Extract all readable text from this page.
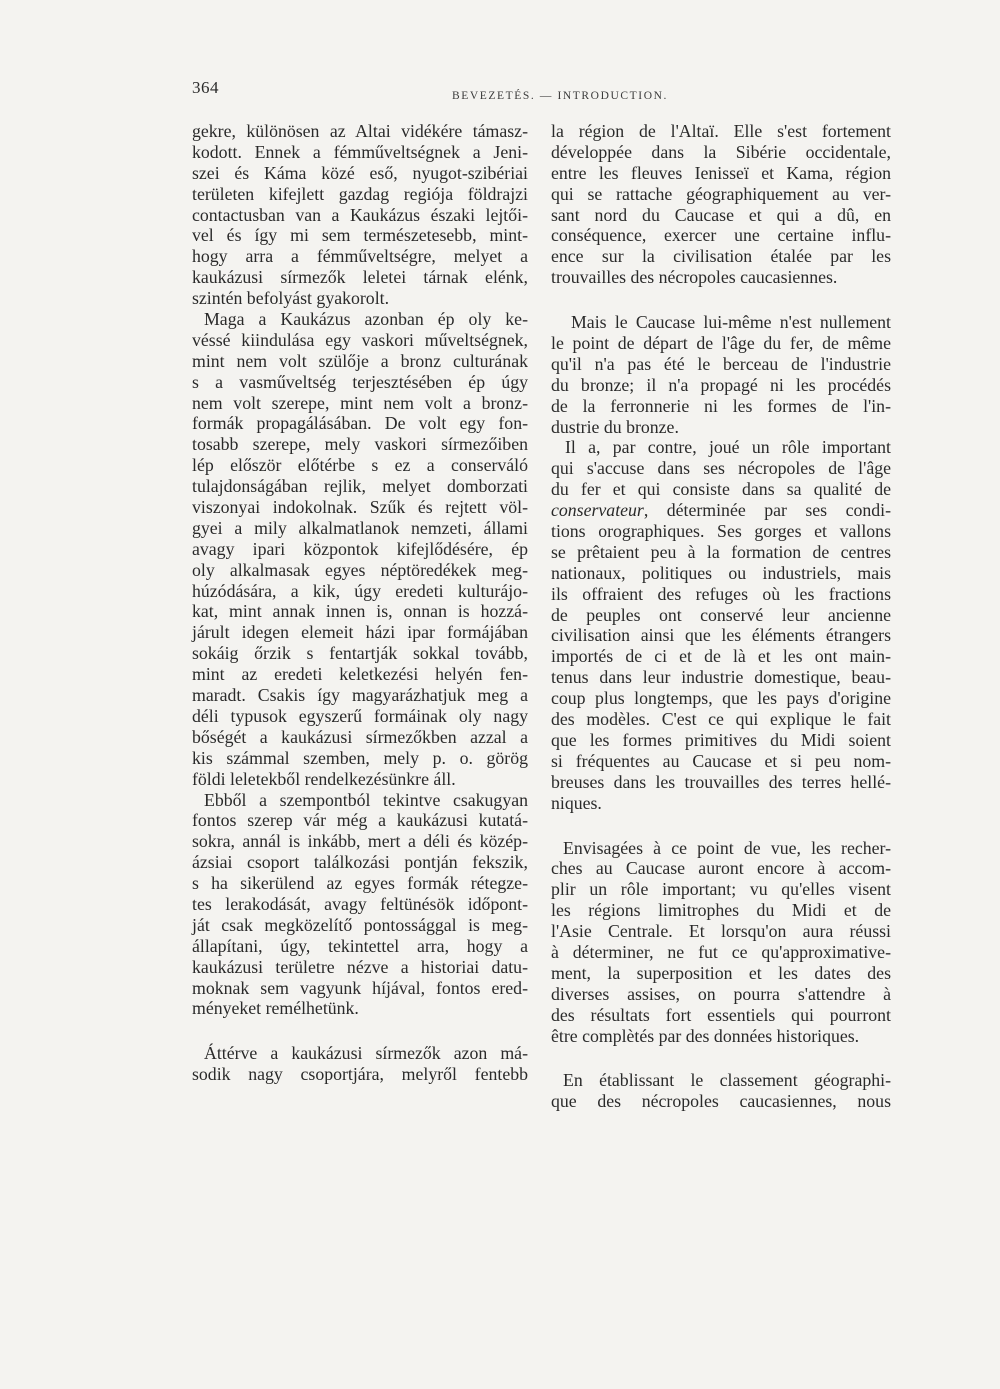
364	BEVEZETÉS. — INTRODUCTION.
gekre, különösen az Altai vidékére támasz-
kodott. Ennek a fémműveltségnek a Jeni-
szei és Káma közé eső, nyugot-szibériai
területen kifejlett gazdag regiója földrajzi
contactusban van a Kaukázus északi lejtői-
vel és így mi sem természetesebb, mint-
hogy arra a fémműveltségre, melyet a
kaukázusi sírmezők leletei tárnak elénk,
szintén befolyást gyakorolt.
Maga a Kaukázus azonban ép oly ke-
véssé kiindulása egy vaskori műveltségnek,
mint nem volt szülője a bronz culturának
s a vasműveltség terjesztésében ép úgy
nem volt szerepe, mint nem volt a bronz-
formák propagálásában. De volt egy fon-
tosabb szerepe, mely vaskori sírmezőiben
lép először előtérbe s ez a conserváló
tulajdonságában rejlik, melyet domborzati
viszonyai indokolnak. Szűk és rejtett völ-
gyei a mily alkalmatlanok nemzeti, állami
avagy ipari központok kifejlődésére, ép
oly alkalmasak egyes néptöredékek meg-
húzódására, a kik, úgy eredeti kulturájo-
kat, mint annak innen is, onnan is hozzá-
járult idegen elemeit házi ipar formájában
sokáig őrzik s fentartják sokkal tovább,
mint az eredeti keletkezési helyén fen-
maradt. Csakis így magyarázhatjuk meg a
déli typusok egyszerű formáinak oly nagy
bőségét a kaukázusi sírmezőkben azzal a
kis számmal szemben, mely p. o. görög
földi leletekből rendelkezésünkre áll.
Ebből a szempontból tekintve csakugyan
fontos szerep vár még a kaukázusi kutatá-
sokra, annál is inkább, mert a déli és közép-
ázsiai csoport találkozási pontján fekszik,
s ha sikerülend az egyes formák rétegze-
tes lerakodását, avagy feltünésök időpont-
ját csak megközelítő pontossággal is meg-
állapítani, úgy, tekintettel arra, hogy a
kaukázusi területre nézve a historiai datu-
moknak sem vagyunk híjával, fontos ered-
ményeket remélhetünk.
Áttérve a kaukázusi sírmezők azon má-
sodik nagy csoportjára, melyről fentebb
la région de l'Altaï. Elle s'est fortement
développée dans la Sibérie occidentale,
entre les fleuves Ienisseï et Kama, région
qui se rattache géographiquement au ver-
sant nord du Caucase et qui a dû, en
conséquence, exercer une certaine influ-
ence sur la civilisation étalée par les
trouvailles des nécropoles caucasiennes.
Mais le Caucase lui-même n'est nullement
le point de départ de l'âge du fer, de même
qu'il n'a pas été le berceau de l'industrie
du bronze; il n'a propagé ni les procédés
de la ferronnerie ni les formes de l'in-
dustrie du bronze.
Il a, par contre, joué un rôle important
qui s'accuse dans ses nécropoles de l'âge
du fer et qui consiste dans sa qualité de
conservateur, déterminée par ses condi-
tions orographiques. Ses gorges et vallons
se prêtaient peu à la formation de centres
nationaux, politiques ou industriels, mais
ils offraient des refuges où les fractions
de peuples ont conservé leur ancienne
civilisation ainsi que les éléments étrangers
importés de ci et de là et les ont main-
tenus dans leur industrie domestique, beau-
coup plus longtemps, que les pays d'origine
des modèles. C'est ce qui explique le fait
que les formes primitives du Midi soient
si fréquentes au Caucase et si peu nom-
breuses dans les trouvailles des terres hellé-
niques.
Envisagées à ce point de vue, les recher-
ches au Caucase auront encore à accom-
plir un rôle important; vu qu'elles visent
les régions limitrophes du Midi et de
l'Asie Centrale. Et lorsqu'on aura réussi
à déterminer, ne fut ce qu'approximative-
ment, la superposition et les dates des
diverses assises, on pourra s'attendre à
des résultats fort essentiels qui pourront
être complètés par des données historiques.
En établissant le classement géographi-
que des nécropoles caucasiennes, nous
